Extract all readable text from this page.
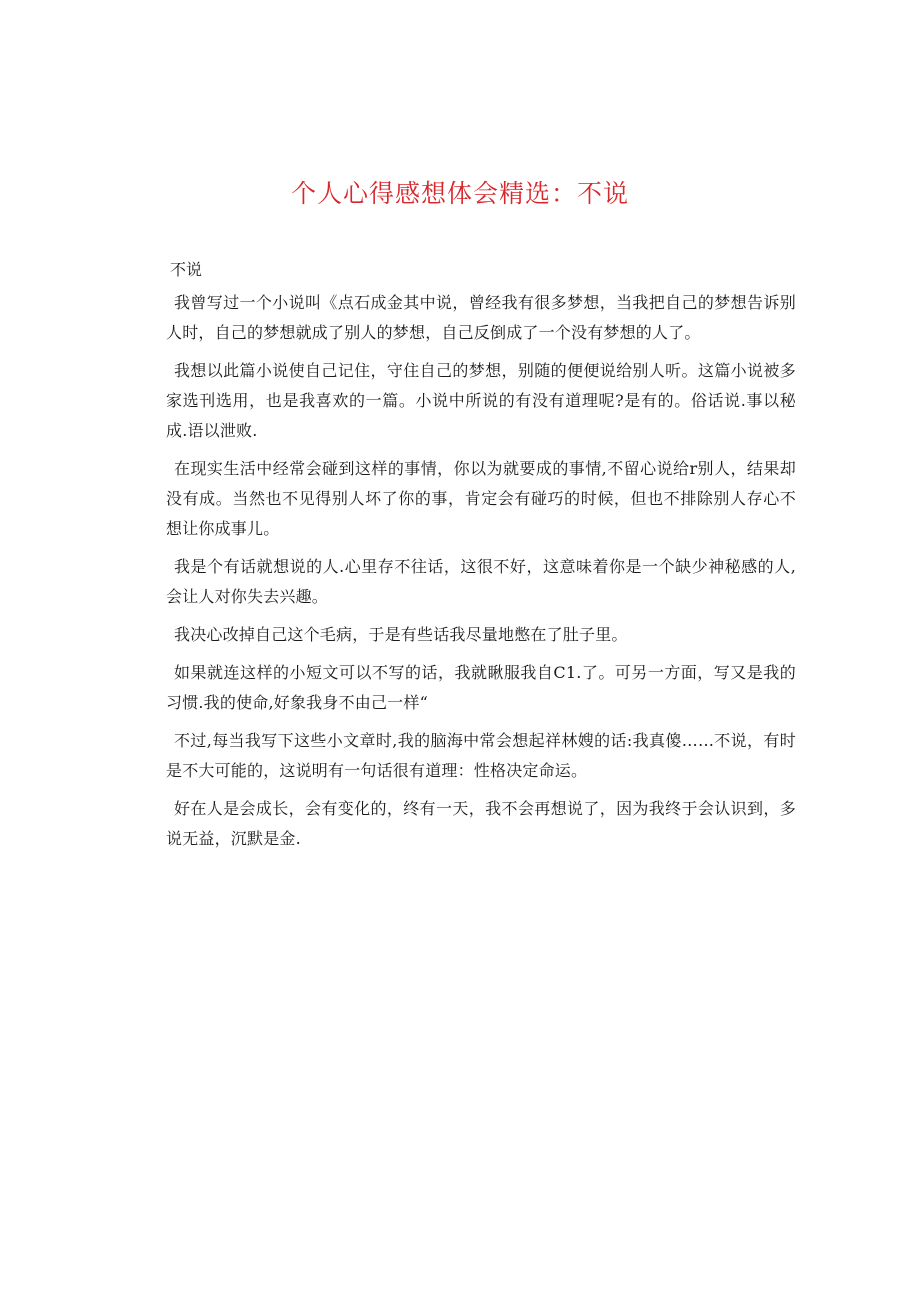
个人心得感想体会精选：不说

不说

我曾写过一个小说叫《点石成金其中说，曾经我有很多梦想，当我把自己的梦想告诉别人时，自己的梦想就成了别人的梦想，自己反倒成了一个没有梦想的人了。

我想以此篇小说使自己记住，守住自己的梦想，别随的便便说给别人听。这篇小说被多家选刊选用，也是我喜欢的一篇。小说中所说的有没有道理呢?是有的。俗话说.事以秘成.语以泄败.

在现实生活中经常会碰到这样的事情，你以为就要成的事情,不留心说给r别人，结果却没有成。当然也不见得别人坏了你的事，肯定会有碰巧的时候，但也不排除别人存心不想让你成事儿。

我是个有话就想说的人.心里存不往话，这很不好，这意味着你是一个缺少神秘感的人,会让人对你失去兴趣。

我决心改掉自己这个毛病，于是有些话我尽量地憋在了肚子里。

如果就连这样的小短文可以不写的话，我就瞅服我自C1.了。可另一方面，写又是我的习惯.我的使命,好象我身不由己一样“

不过,每当我写下这些小文章时,我的脑海中常会想起祥林嫂的话:我真傻……不说，有时是不大可能的，这说明有一句话很有道理：性格决定命运。

好在人是会成长，会有变化的，终有一天，我不会再想说了，因为我终于会认识到，多说无益，沉默是金.
